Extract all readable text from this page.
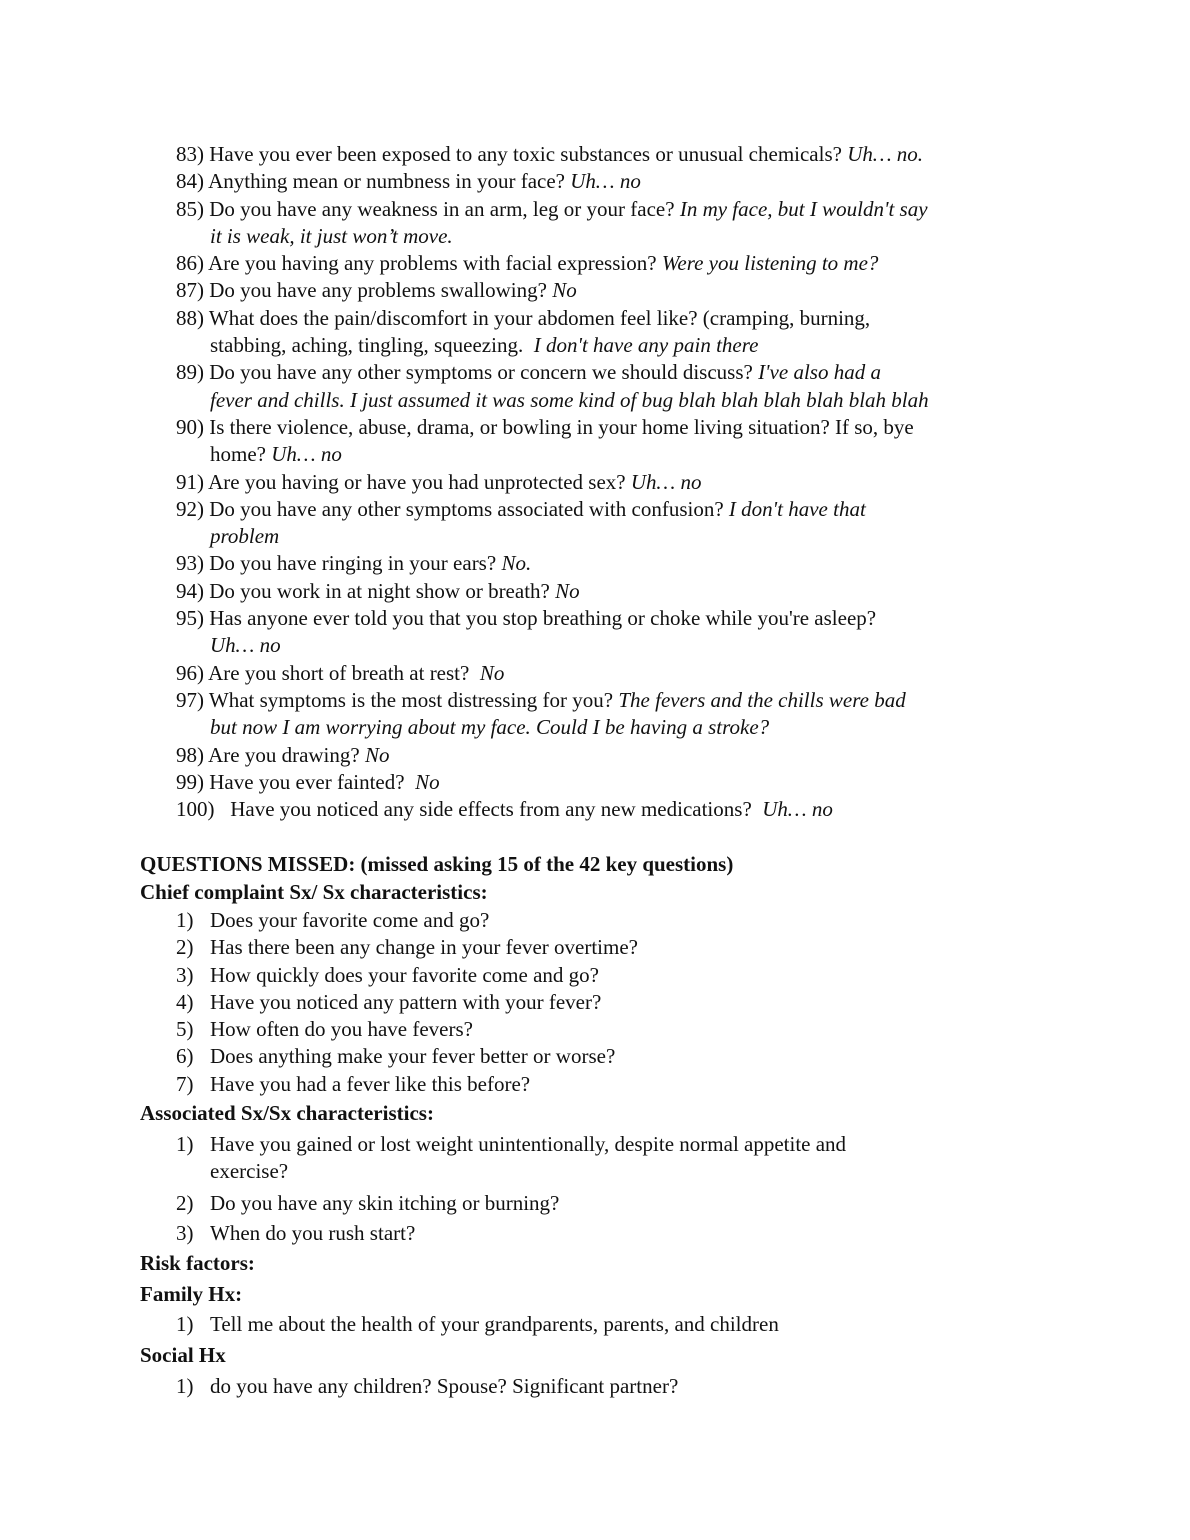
83) Have you ever been exposed to any toxic substances or unusual chemicals? Uh… no.

84) Anything mean or numbness in your face? Uh… no

85) Do you have any weakness in an arm, leg or your face? In my face, but I wouldn't say
it is weak, it just won’t move.

86) Are you having any problems with facial expression? Were you listening to me?

87) Do you have any problems swallowing? No

88) What does the pain/discomfort in your abdomen feel like? (cramping, burning,
stabbing, aching, tingling, squeezing. I don't have any pain there

89) Do you have any other symptoms or concern we should discuss? I've also had a
fever and chills. I just assumed it was some kind of bug blah blah blah blah blah blah

90) Is there violence, abuse, drama, or bowling in your home living situation? If so, bye
home? Uh… no

91) Are you having or have you had unprotected sex? Uh… no

92) Do you have any other symptoms associated with confusion? I don't have that
problem

93) Do you have ringing in your ears? No.

94) Do you work in at night show or breath? No

95) Has anyone ever told you that you stop breathing or choke while you're asleep?
Uh… no

96) Are you short of breath at rest? No

97) What symptoms is the most distressing for you? The fevers and the chills were bad
but now I am worrying about my face. Could I be having a stroke?

98) Are you drawing? No

99) Have you ever fainted? No

100) Have you noticed any side effects from any new medications? Uh… no

QUESTIONS MISSED: (missed asking 15 of the 42 key questions)

Chief complaint Sx/ Sx characteristics:

1) Does your favorite come and go?

2) Has there been any change in your fever overtime?

3) How quickly does your favorite come and go?

4) Have you noticed any pattern with your fever?

5) How often do you have fevers?

6) Does anything make your fever better or worse?

7) Have you had a fever like this before?

Associated Sx/Sx characteristics:

1) Have you gained or lost weight unintentionally, despite normal appetite and
exercise?

2) Do you have any skin itching or burning?

3) When do you rush start?

Risk factors:

Family Hx:

1) Tell me about the health of your grandparents, parents, and children

Social Hx

1) do you have any children? Spouse? Significant partner?
